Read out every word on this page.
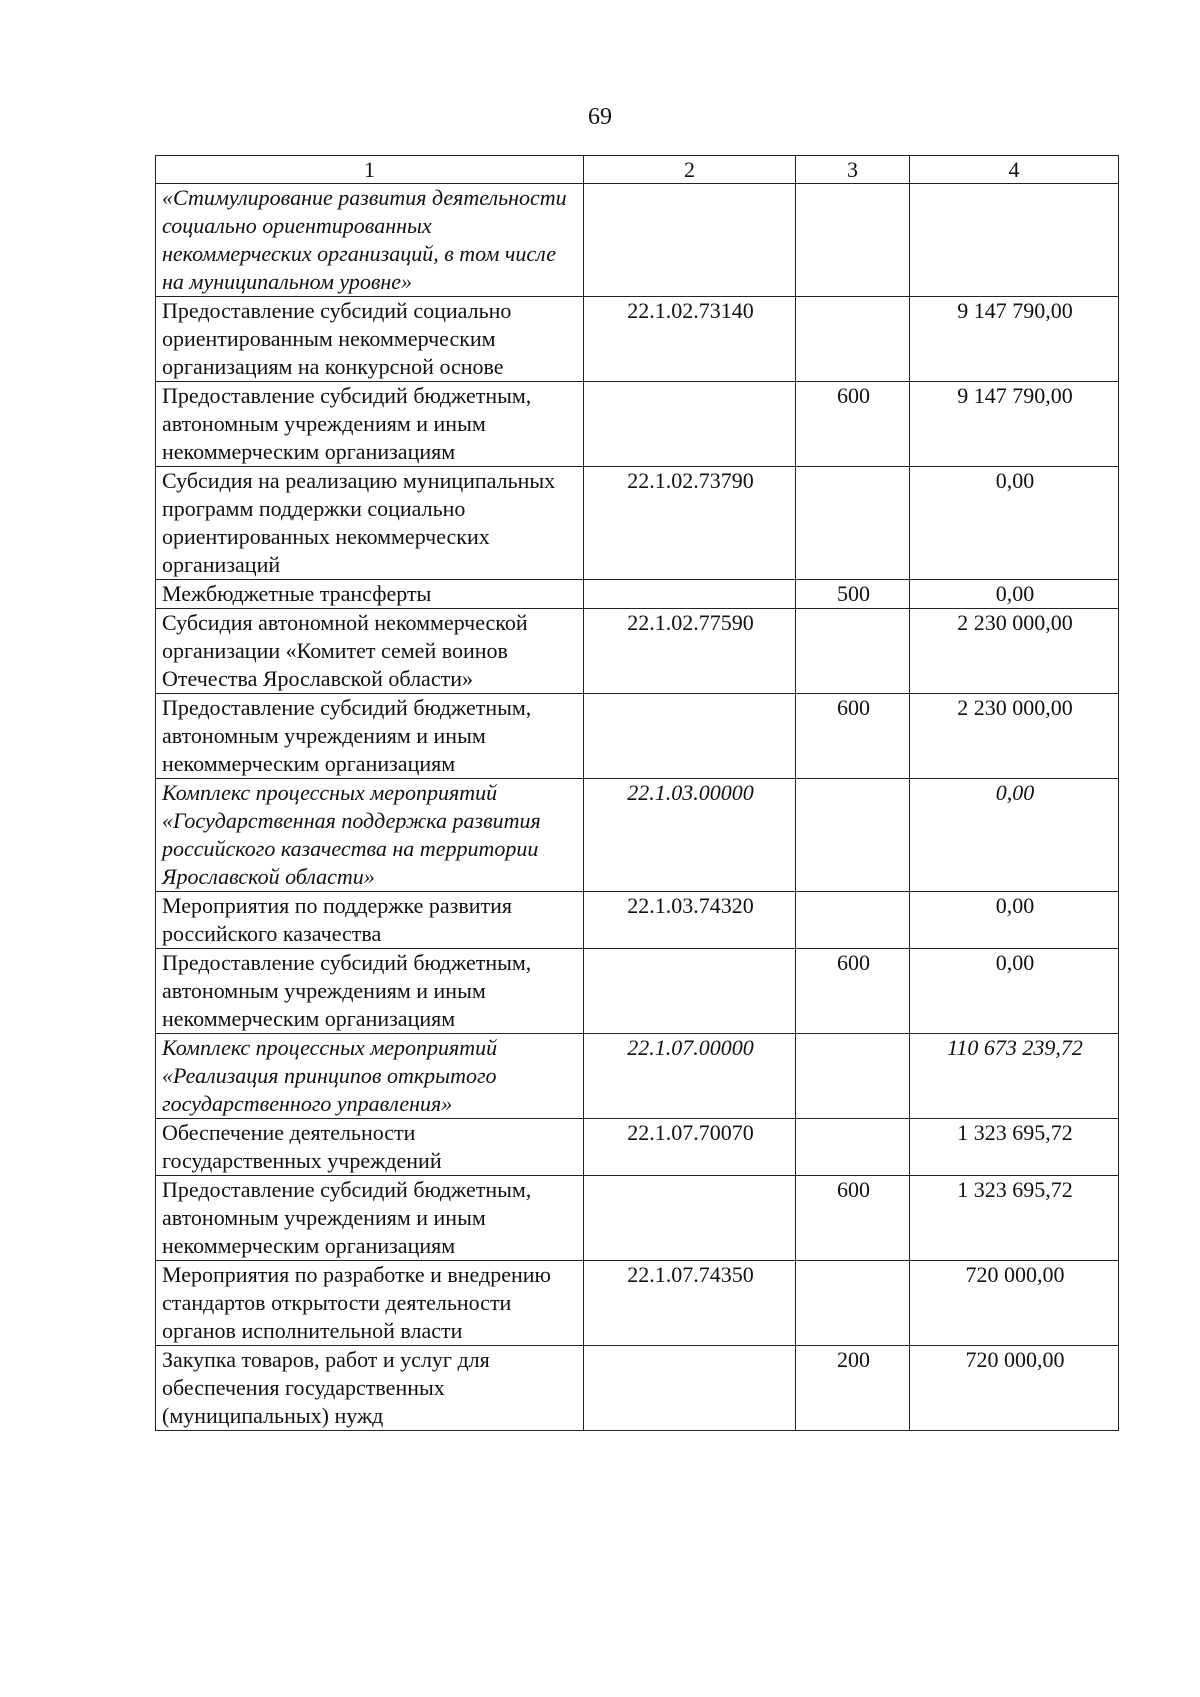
69
1	2	3	4
«Стимулирование развития деятельности социально ориентированных некоммерческих организаций, в том числе на муниципальном уровне»			
Предоставление субсидий социально ориентированным некоммерческим организациям на конкурсной основе	22.1.02.73140		9 147 790,00
Предоставление субсидий бюджетным, автономным учреждениям и иным некоммерческим организациям		600	9 147 790,00
Субсидия на реализацию муниципальных программ поддержки социально ориентированных некоммерческих организаций	22.1.02.73790		0,00
Межбюджетные трансферты		500	0,00
Субсидия автономной некоммерческой организации «Комитет семей воинов Отечества Ярославской области»	22.1.02.77590		2 230 000,00
Предоставление субсидий бюджетным, автономным учреждениям и иным некоммерческим организациям		600	2 230 000,00
Комплекс процессных мероприятий «Государственная поддержка развития российского казачества на территории Ярославской области»	22.1.03.00000		0,00
Мероприятия по поддержке развития российского казачества	22.1.03.74320		0,00
Предоставление субсидий бюджетным, автономным учреждениям и иным некоммерческим организациям		600	0,00
Комплекс процессных мероприятий «Реализация принципов открытого государственного управления»	22.1.07.00000		110 673 239,72
Обеспечение деятельности государственных учреждений	22.1.07.70070		1 323 695,72
Предоставление субсидий бюджетным, автономным учреждениям и иным некоммерческим организациям		600	1 323 695,72
Мероприятия по разработке и внедрению стандартов открытости деятельности органов исполнительной власти	22.1.07.74350		720 000,00
Закупка товаров, работ и услуг для обеспечения государственных (муниципальных) нужд		200	720 000,00
